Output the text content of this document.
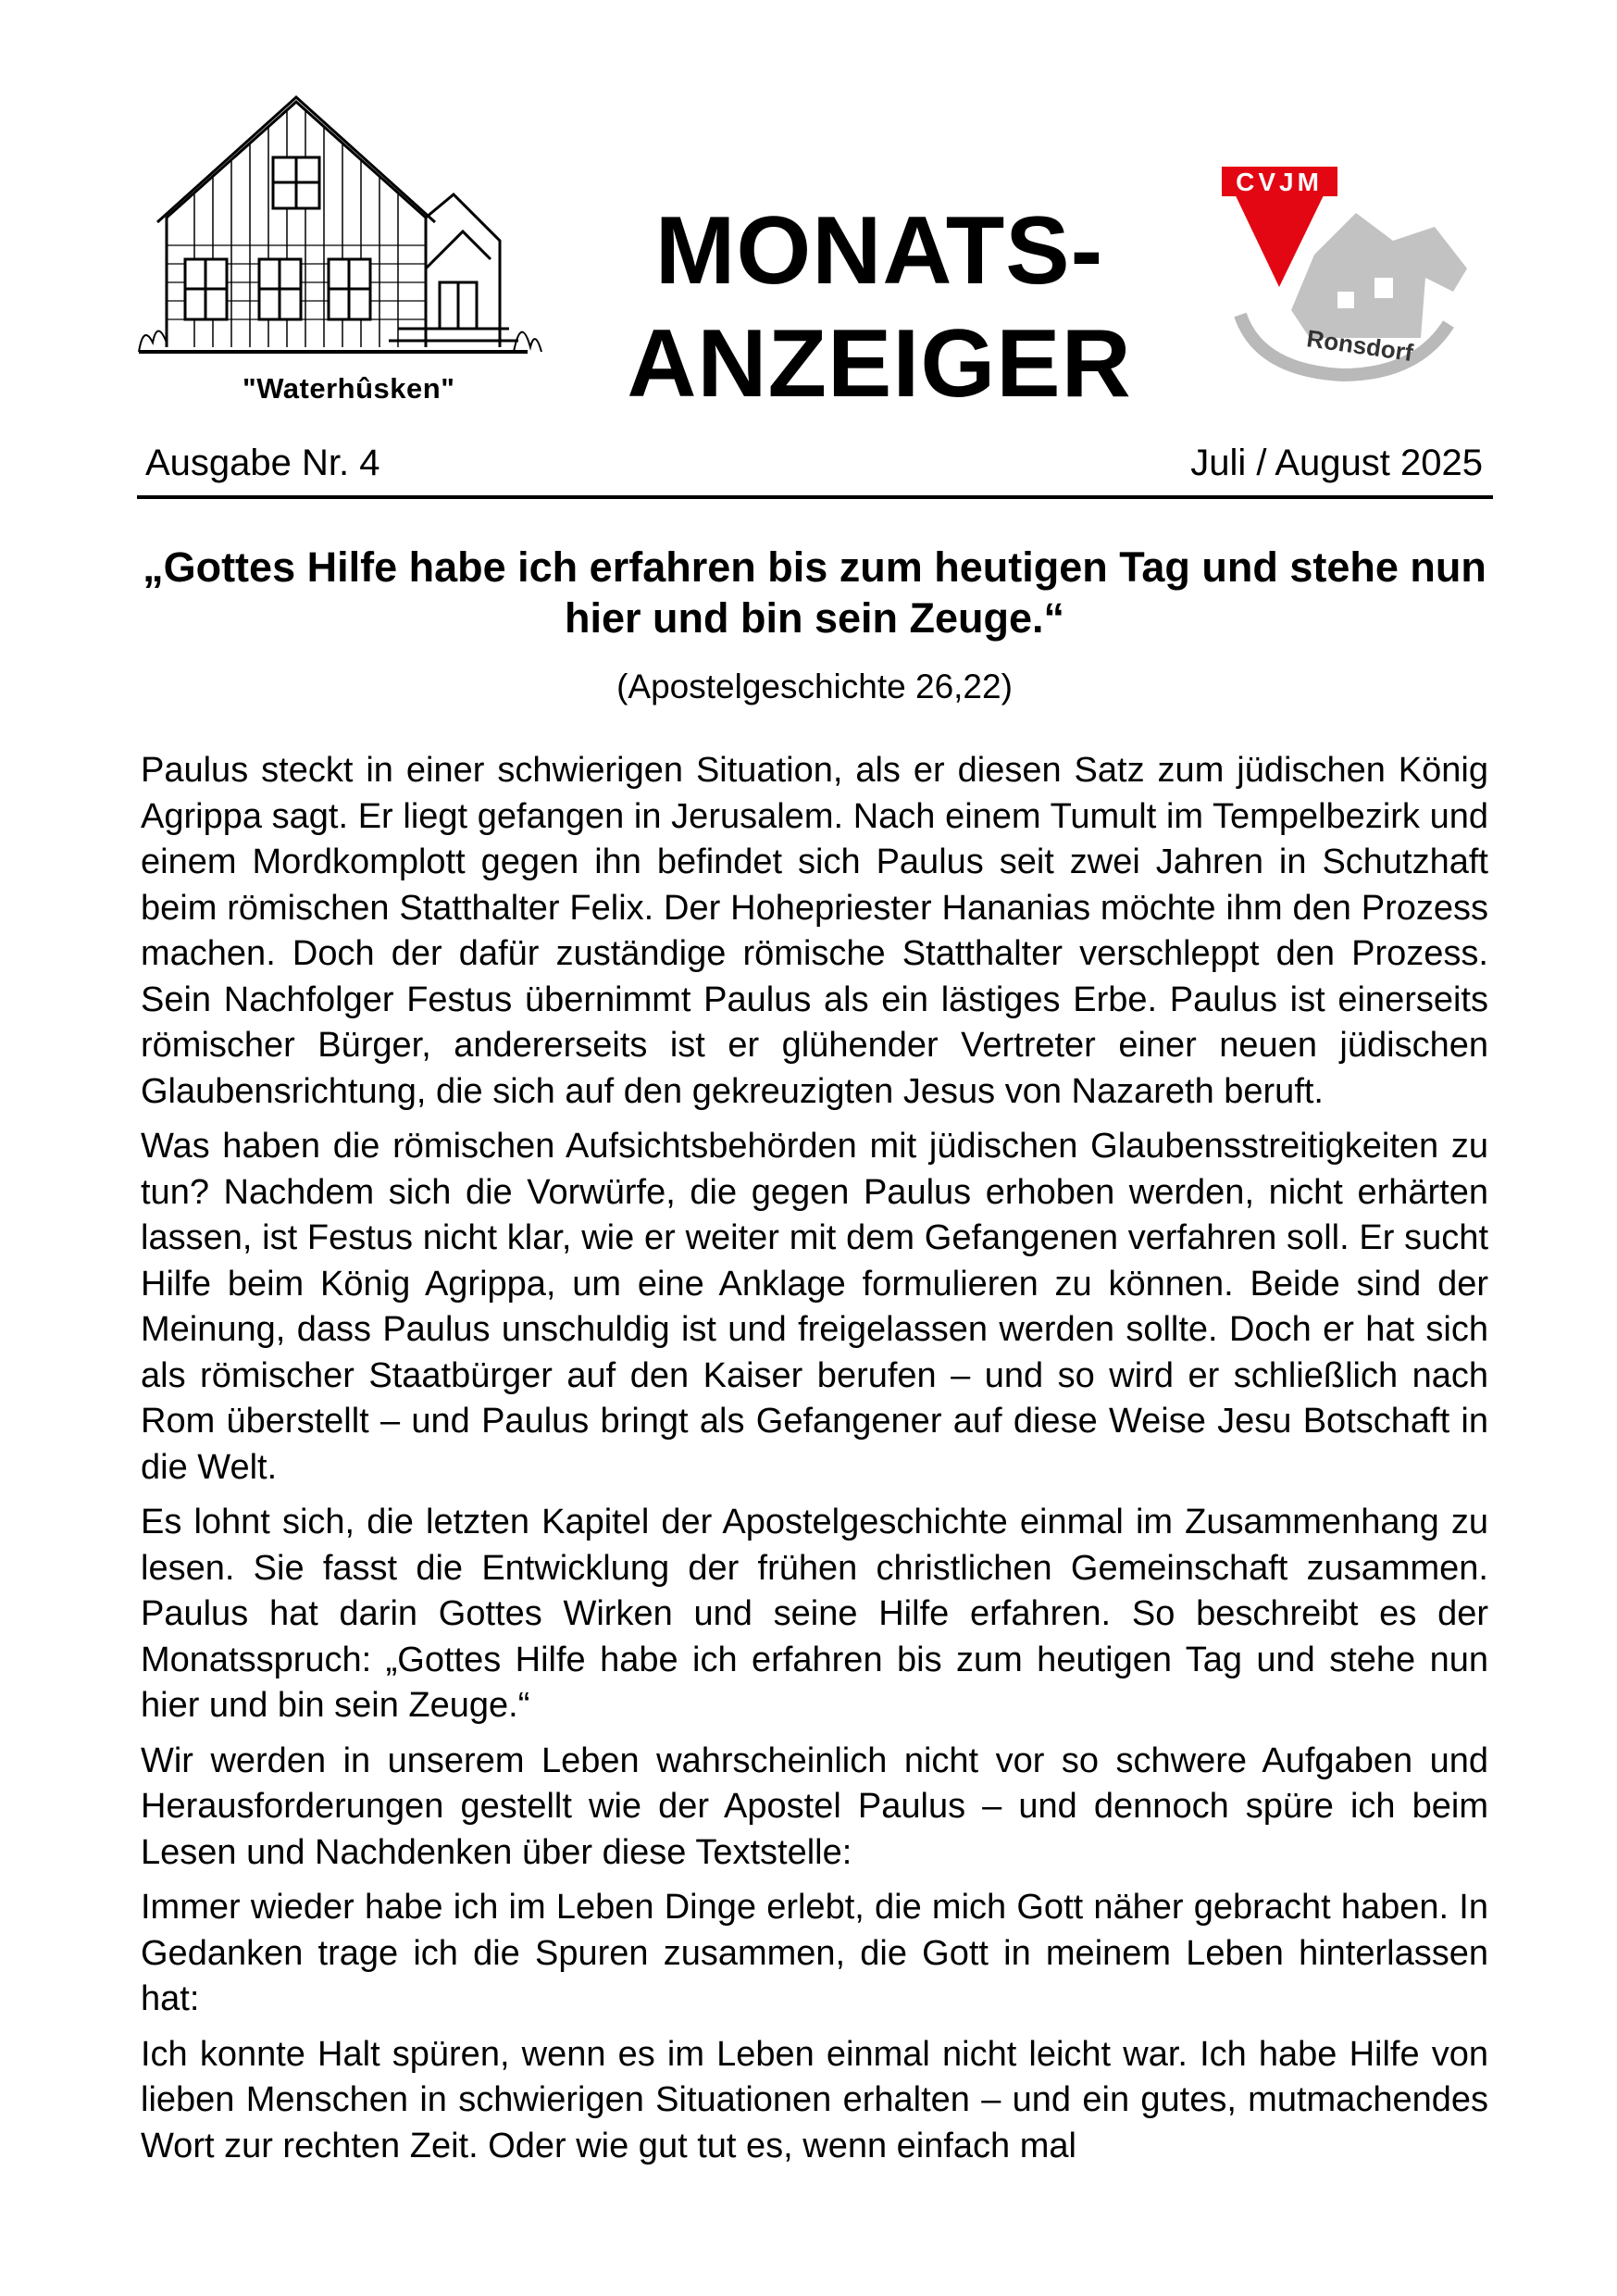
"Waterhûsken"
MONATS-
ANZEIGER
CVJM
Ronsdorf
Ausgabe Nr. 4	Juli / August 2025
„Gottes Hilfe habe ich erfahren bis zum heutigen Tag und stehe nun hier und bin sein Zeuge.“
(Apostelgeschichte 26,22)

Paulus steckt in einer schwierigen Situation, als er diesen Satz zum jüdischen König Agrippa sagt. Er liegt gefangen in Jerusalem. Nach einem Tumult im Tempelbezirk und einem Mordkomplott gegen ihn befindet sich Paulus seit zwei Jahren in Schutzhaft beim römischen Statthalter Felix. Der Hohepriester Hananias möchte ihm den Prozess machen. Doch der dafür zuständige römische Statthalter verschleppt den Prozess. Sein Nachfolger Festus übernimmt Paulus als ein lästiges Erbe. Paulus ist einerseits römischer Bürger, andererseits ist er glühender Vertreter einer neuen jüdischen Glaubensrichtung, die sich auf den gekreuzigten Jesus von Nazareth beruft.

Was haben die römischen Aufsichtsbehörden mit jüdischen Glaubensstreitigkeiten zu tun? Nachdem sich die Vorwürfe, die gegen Paulus erhoben werden, nicht erhärten lassen, ist Festus nicht klar, wie er weiter mit dem Gefangenen verfahren soll. Er sucht Hilfe beim König Agrippa, um eine Anklage formulieren zu können. Beide sind der Meinung, dass Paulus unschuldig ist und freigelassen werden sollte. Doch er hat sich als römischer Staatbürger auf den Kaiser berufen – und so wird er schließlich nach Rom überstellt – und Paulus bringt als Gefangener auf diese Weise Jesu Botschaft in die Welt.

Es lohnt sich, die letzten Kapitel der Apostelgeschichte einmal im Zusammenhang zu lesen. Sie fasst die Entwicklung der frühen christlichen Gemeinschaft zusammen. Paulus hat darin Gottes Wirken und seine Hilfe erfahren. So beschreibt es der Monatsspruch: „Gottes Hilfe habe ich erfahren bis zum heutigen Tag und stehe nun hier und bin sein Zeuge.“

Wir werden in unserem Leben wahrscheinlich nicht vor so schwere Aufgaben und Herausforderungen gestellt wie der Apostel Paulus – und dennoch spüre ich beim Lesen und Nachdenken über diese Textstelle:

Immer wieder habe ich im Leben Dinge erlebt, die mich Gott näher gebracht haben. In Gedanken trage ich die Spuren zusammen, die Gott in meinem Leben hinterlassen hat:

Ich konnte Halt spüren, wenn es im Leben einmal nicht leicht war. Ich habe Hilfe von lieben Menschen in schwierigen Situationen erhalten – und ein gutes, mutmachendes Wort zur rechten Zeit. Oder wie gut tut es, wenn einfach mal
